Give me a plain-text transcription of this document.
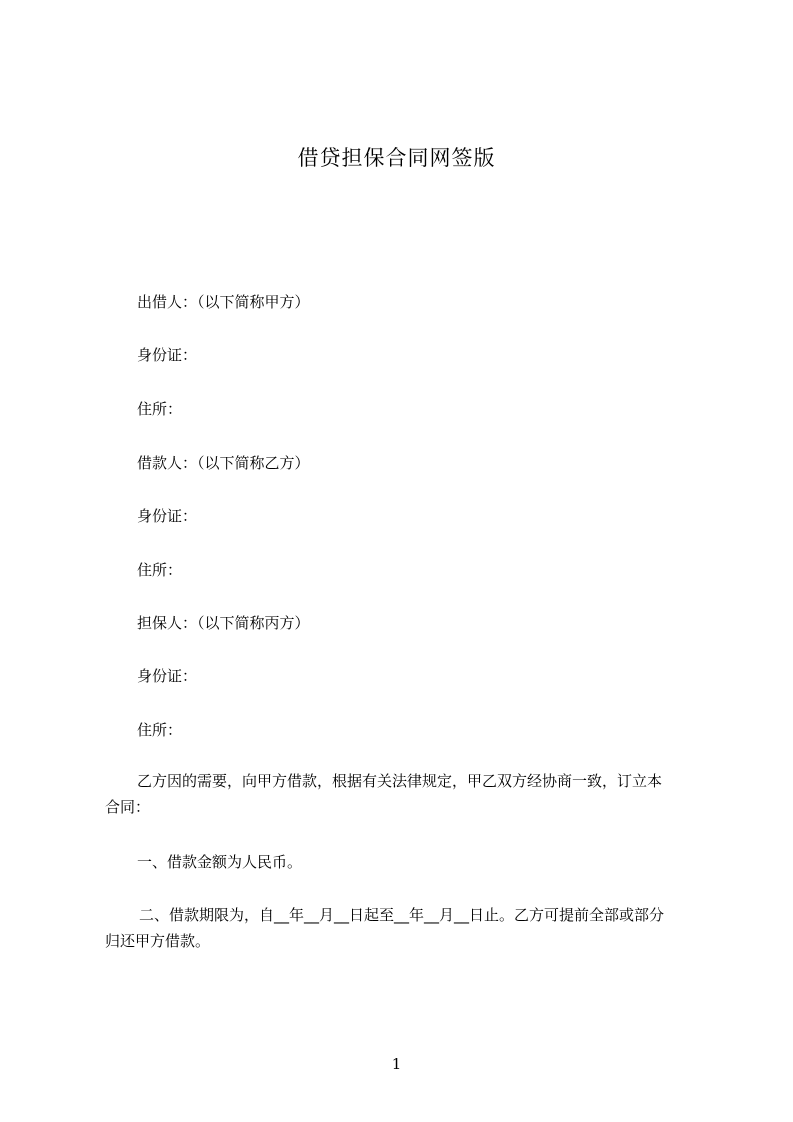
借贷担保合同网签版
出借人：（以下简称甲方）
身份证：
住所：
借款人：（以下简称乙方）
身份证：
住所：
担保人：（以下简称丙方）
身份证：
住所：
乙方因的需要，向甲方借款，根据有关法律规定，甲乙双方经协商一致，订立本
合同：
一、借款金额为人民币。
二、借款期限为，自__年__月__日起至__年__月__日止。乙方可提前全部或部分
归还甲方借款。
1
